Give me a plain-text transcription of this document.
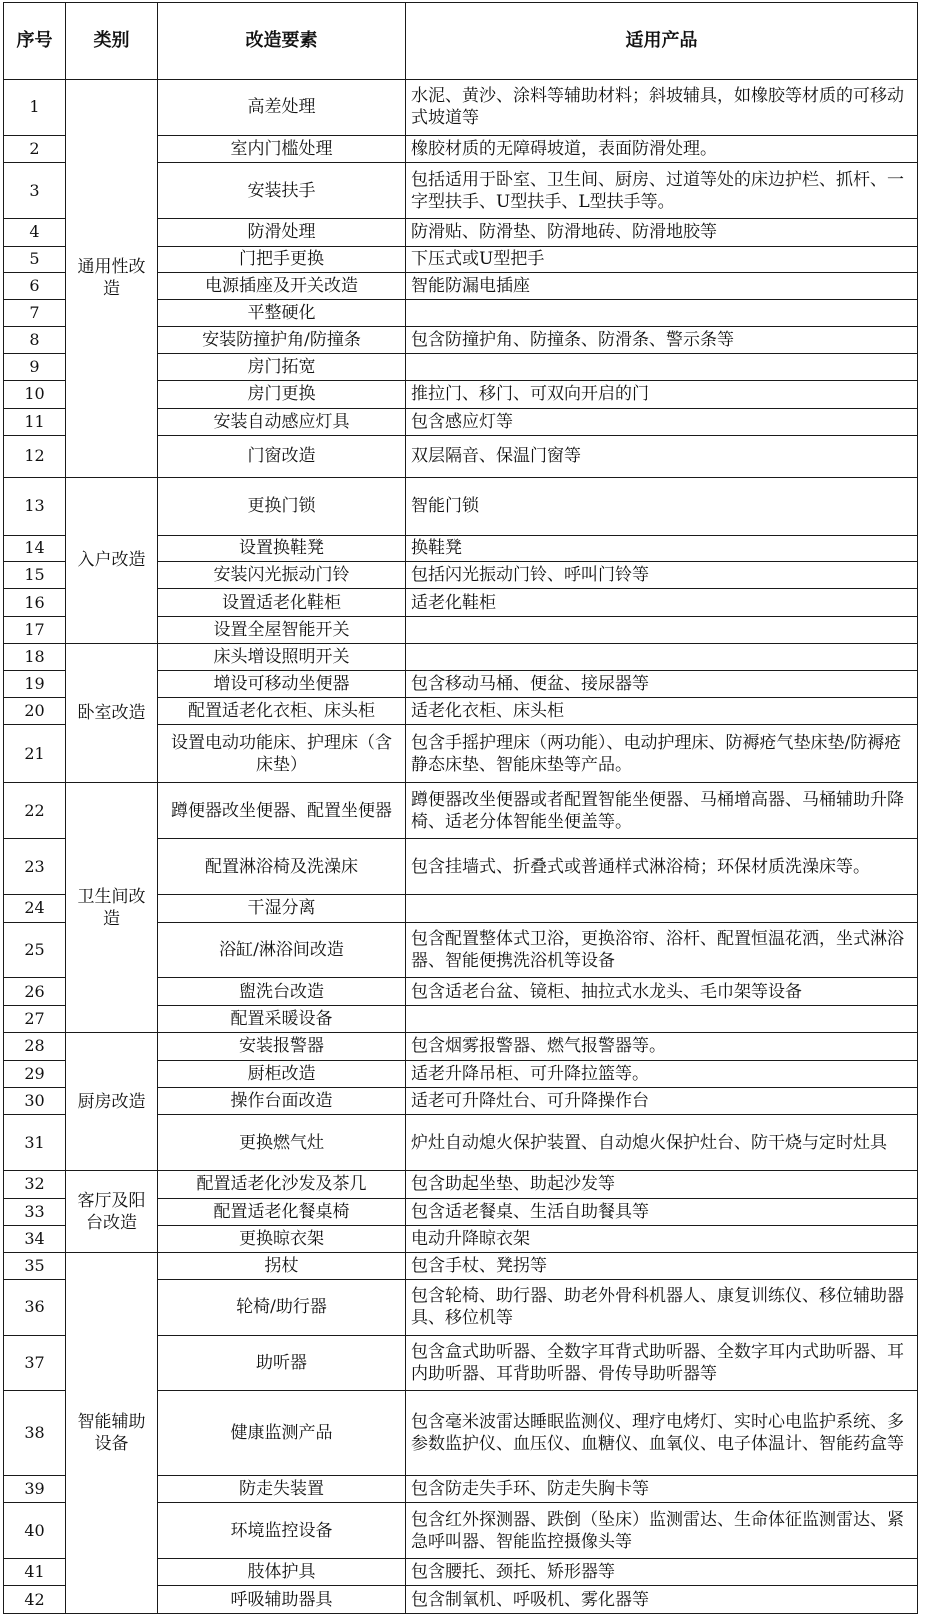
序号	类别	改造要素	适用产品
1	通用性改造	高差处理	水泥、黄沙、涂料等辅助材料；斜坡辅具，如橡胶等材质的可移动式坡道等
2		室内门槛处理	橡胶材质的无障碍坡道，表面防滑处理。
3		安装扶手	包括适用于卧室、卫生间、厨房、过道等处的床边护栏、抓杆、一字型扶手、U型扶手、L型扶手等。
4		防滑处理	防滑贴、防滑垫、防滑地砖、防滑地胶等
5		门把手更换	下压式或U型把手
6		电源插座及开关改造	智能防漏电插座
7		平整硬化	
8		安装防撞护角/防撞条	包含防撞护角、防撞条、防滑条、警示条等
9		房门拓宽	
10		房门更换	推拉门、移门、可双向开启的门
11		安装自动感应灯具	包含感应灯等
12		门窗改造	双层隔音、保温门窗等
13	入户改造	更换门锁	智能门锁
14		设置换鞋凳	换鞋凳
15		安装闪光振动门铃	包括闪光振动门铃、呼叫门铃等
16		设置适老化鞋柜	适老化鞋柜
17		设置全屋智能开关	
18	卧室改造	床头增设照明开关	
19		增设可移动坐便器	包含移动马桶、便盆、接尿器等
20		配置适老化衣柜、床头柜	适老化衣柜、床头柜
21		设置电动功能床、护理床（含床垫）	包含手摇护理床（两功能）、电动护理床、防褥疮气垫床垫/防褥疮静态床垫、智能床垫等产品。
22	卫生间改造	蹲便器改坐便器、配置坐便器	蹲便器改坐便器或者配置智能坐便器、马桶增高器、马桶辅助升降椅、适老分体智能坐便盖等。
23		配置淋浴椅及洗澡床	包含挂墙式、折叠式或普通样式淋浴椅；环保材质洗澡床等。
24		干湿分离	
25		浴缸/淋浴间改造	包含配置整体式卫浴，更换浴帘、浴杆、配置恒温花洒，坐式淋浴器、智能便携洗浴机等设备
26		盥洗台改造	包含适老台盆、镜柜、抽拉式水龙头、毛巾架等设备
27		配置采暖设备	
28	厨房改造	安装报警器	包含烟雾报警器、燃气报警器等。
29		厨柜改造	适老升降吊柜、可升降拉篮等。
30		操作台面改造	适老可升降灶台、可升降操作台
31		更换燃气灶	炉灶自动熄火保护装置、自动熄火保护灶台、防干烧与定时灶具
32	客厅及阳台改造	配置适老化沙发及茶几	包含助起坐垫、助起沙发等
33		配置适老化餐桌椅	包含适老餐桌、生活自助餐具等
34		更换晾衣架	电动升降晾衣架
35	智能辅助设备	拐杖	包含手杖、凳拐等
36		轮椅/助行器	包含轮椅、助行器、助老外骨科机器人、康复训练仪、移位辅助器具、移位机等
37		助听器	包含盒式助听器、全数字耳背式助听器、全数字耳内式助听器、耳内助听器、耳背助听器、骨传导助听器等
38		健康监测产品	包含毫米波雷达睡眠监测仪、理疗电烤灯、实时心电监护系统、多参数监护仪、血压仪、血糖仪、血氧仪、电子体温计、智能药盒等
39		防走失装置	包含防走失手环、防走失胸卡等
40		环境监控设备	包含红外探测器、跌倒（坠床）监测雷达、生命体征监测雷达、紧急呼叫器、智能监控摄像头等
41		肢体护具	包含腰托、颈托、矫形器等
42		呼吸辅助器具	包含制氧机、呼吸机、雾化器等
